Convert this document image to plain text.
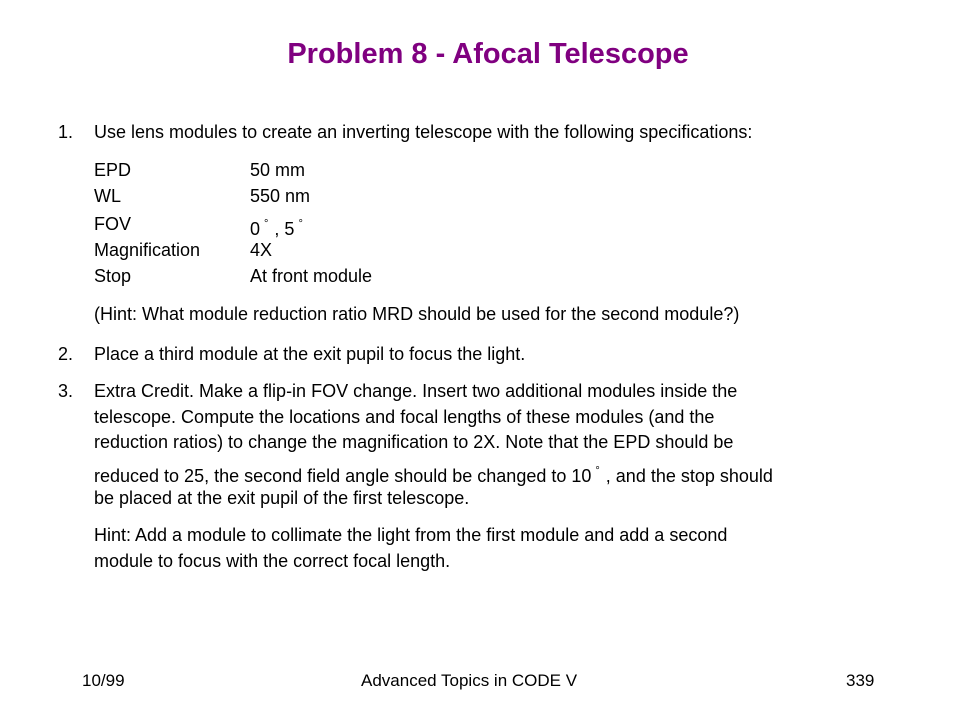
Problem 8 - Afocal Telescope
1. Use lens modules to create an inverting telescope with the following specifications:
EPD	50 mm
WL	550 nm
FOV	0 ° , 5 °
Magnification	4X
Stop	At front module
(Hint: What module reduction ratio MRD should be used for the second module?)
2. Place a third module at the exit pupil to focus the light.
3. Extra Credit. Make a flip-in FOV change. Insert two additional modules inside the
telescope. Compute the locations and focal lengths of these modules (and the
reduction ratios) to change the magnification to 2X. Note that the EPD should be
reduced to 25, the second field angle should be changed to 10 ° , and the stop should
be placed at the exit pupil of the first telescope.
Hint: Add a module to collimate the light from the first module and add a second
module to focus with the correct focal length.
10/99	Advanced Topics in CODE V	339
